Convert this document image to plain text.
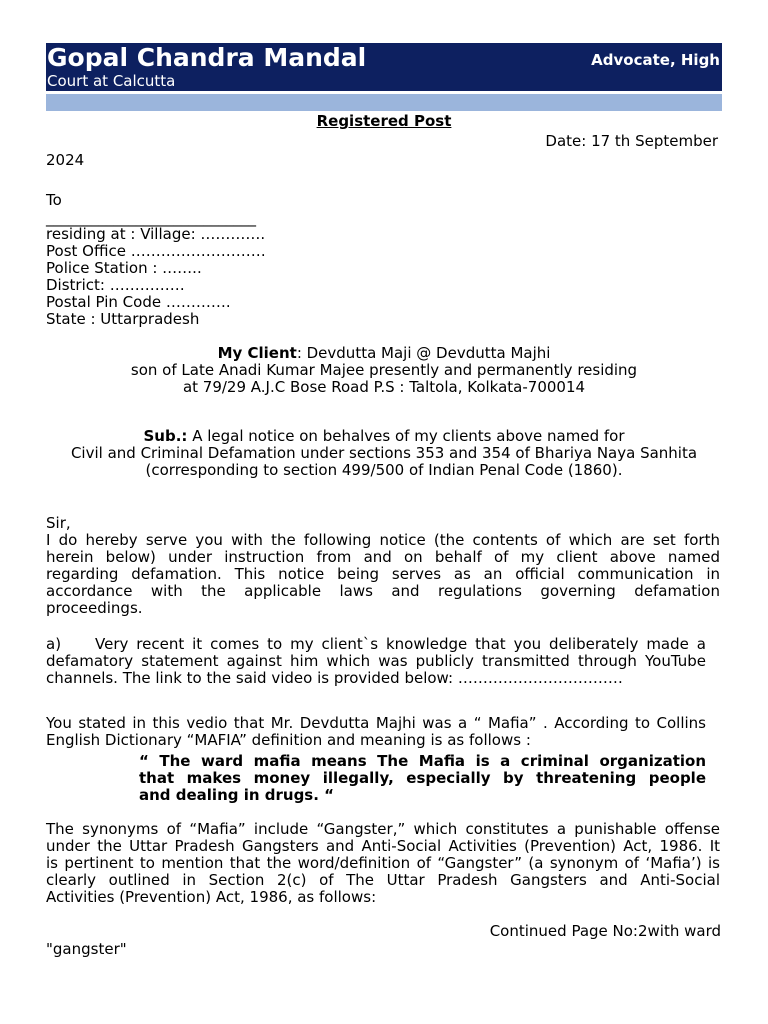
Gopal Chandra Mandal	Advocate, High
Court at Calcutta
Registered Post
Date: 17 th September
2024
To
____________________________
residing at : Village: ………….
Post Office ………………………
Police Station : ……..
District: ……………
Postal Pin Code ………….
State : Uttarpradesh
My Client: Devdutta Maji @ Devdutta Majhi
son of Late Anadi Kumar Majee presently and permanently residing
at 79/29 A.J.C Bose Road P.S : Taltola, Kolkata-700014
Sub.: A legal notice on behalves of my clients above named for
Civil and Criminal Defamation under sections 353 and 354 of Bhariya Naya Sanhita
(corresponding to section 499/500 of Indian Penal Code (1860).
Sir,
I do hereby serve you with the following notice (the contents of which are set forth
herein below) under instruction from and on behalf of my client above named
regarding defamation. This notice being serves as an official communication in
accordance with the applicable laws and regulations governing defamation
proceedings.
a) Very recent it comes to my client`s knowledge that you deliberately made a
defamatory statement against him which was publicly transmitted through YouTube
channels. The link to the said video is provided below: ……………………………
You stated in this vedio that Mr. Devdutta Majhi was a “ Mafia” . According to Collins
English Dictionary “MAFIA” definition and meaning is as follows :
“ The ward mafia means The Mafia is a criminal organization
that makes money illegally, especially by threatening people
and dealing in drugs. “
The synonyms of “Mafia” include “Gangster,” which constitutes a punishable offense
under the Uttar Pradesh Gangsters and Anti-Social Activities (Prevention) Act, 1986. It
is pertinent to mention that the word/definition of “Gangster” (a synonym of ‘Mafia’) is
clearly outlined in Section 2(c) of The Uttar Pradesh Gangsters and Anti-Social
Activities (Prevention) Act, 1986, as follows:
Continued Page No:2with ward
"gangster"
